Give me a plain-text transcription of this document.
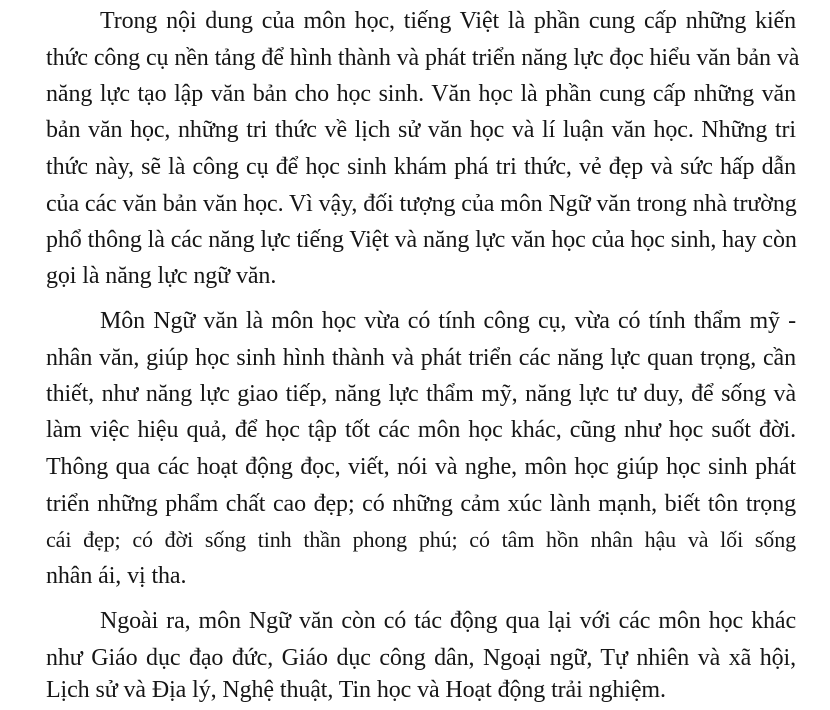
Trong nội dung của môn học, tiếng Việt là phần cung cấp những kiến
thức công cụ nền tảng để hình thành và phát triển năng lực đọc hiểu văn bản và
năng lực tạo lập văn bản cho học sinh. Văn học là phần cung cấp những văn
bản văn học, những tri thức về lịch sử văn học và lí luận văn học. Những tri
thức này, sẽ là công cụ để học sinh khám phá tri thức, vẻ đẹp và sức hấp dẫn
của các văn bản văn học. Vì vậy, đối tượng của môn Ngữ văn trong nhà trường
phổ thông là các năng lực tiếng Việt và năng lực văn học của học sinh, hay còn
gọi là năng lực ngữ văn.
Môn Ngữ văn là môn học vừa có tính công cụ, vừa có tính thẩm mỹ -
nhân văn, giúp học sinh hình thành và phát triển các năng lực quan trọng, cần
thiết, như năng lực giao tiếp, năng lực thẩm mỹ, năng lực tư duy, để sống và
làm việc hiệu quả, để học tập tốt các môn học khác, cũng như học suốt đời.
Thông qua các hoạt động đọc, viết, nói và nghe, môn học giúp học sinh phát
triển những phẩm chất cao đẹp; có những cảm xúc lành mạnh, biết tôn trọng
cái đẹp; có đời sống tinh thần phong phú; có tâm hồn nhân hậu và lối sống
nhân ái, vị tha.
Ngoài ra, môn Ngữ văn còn có tác động qua lại với các môn học khác
như Giáo dục đạo đức, Giáo dục công dân, Ngoại ngữ, Tự nhiên và xã hội,
Lịch sử và Địa lý, Nghệ thuật, Tin học và Hoạt động trải nghiệm.
